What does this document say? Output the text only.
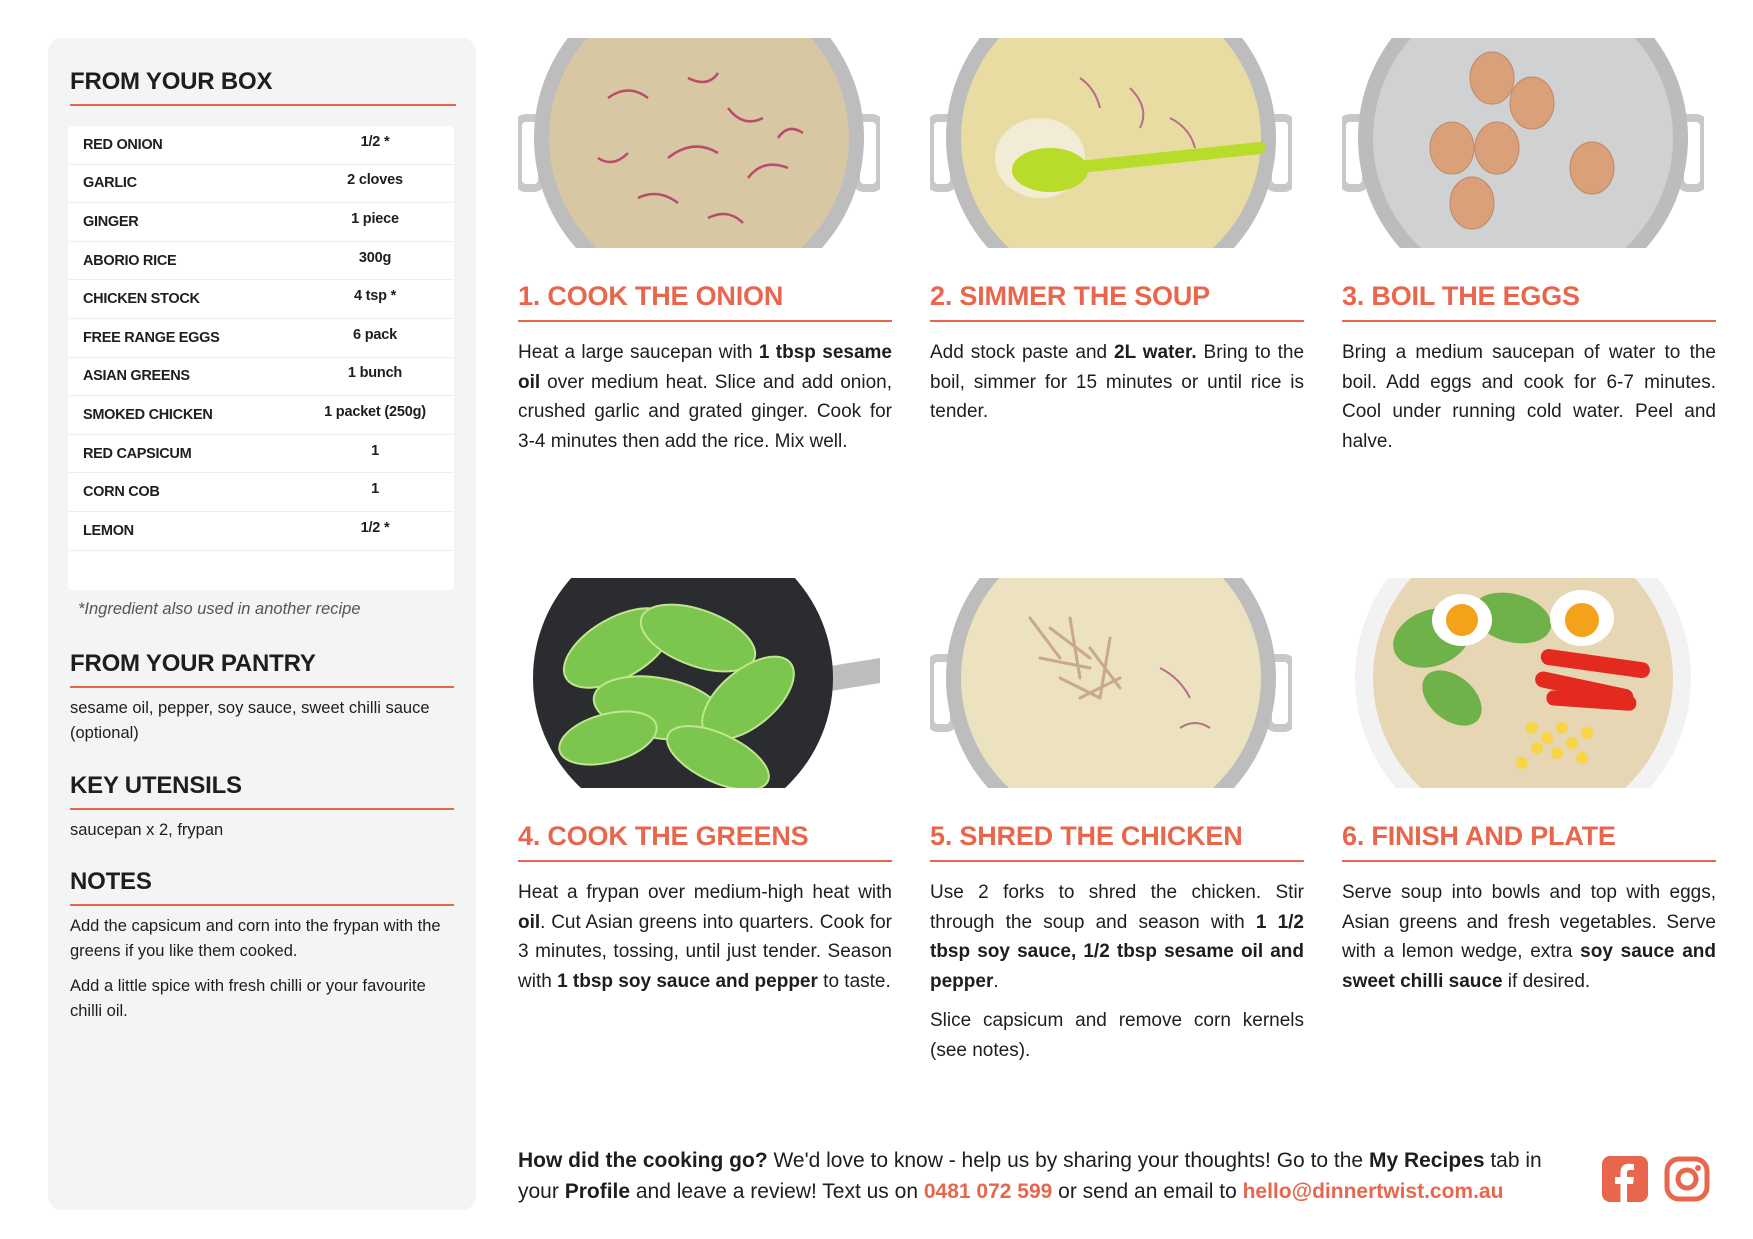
FROM YOUR BOX
RED ONION	1/2 *
GARLIC	2 cloves
GINGER	1 piece
ABORIO RICE	300g
CHICKEN STOCK	4 tsp *
FREE RANGE EGGS	6 pack
ASIAN GREENS	1 bunch
SMOKED CHICKEN	1 packet (250g)
RED CAPSICUM	1
CORN COB	1
LEMON	1/2 *
*Ingredient also used in another recipe
FROM YOUR PANTRY
sesame oil, pepper, soy sauce, sweet chilli sauce (optional)
KEY UTENSILS
saucepan x 2, frypan
NOTES

Add the capsicum and corn into the frypan with the greens if you like them cooked.

Add a little spice with fresh chilli or your favourite chilli oil.

1. COOK THE ONION

Heat a large saucepan with 1 tbsp sesame oil over medium heat. Slice and add onion, crushed garlic and grated ginger. Cook for 3-4 minutes then add the rice. Mix well.

2. SIMMER THE SOUP

Add stock paste and 2L water. Bring to the boil, simmer for 15 minutes or until rice is tender.

3. BOIL THE EGGS

Bring a medium saucepan of water to the boil. Add eggs and cook for 6-7 minutes. Cool under running cold water. Peel and halve.

4. COOK THE GREENS

Heat a frypan over medium-high heat with oil. Cut Asian greens into quarters. Cook for 3 minutes, tossing, until just tender. Season with 1 tbsp soy sauce and pepper to taste.

5. SHRED THE CHICKEN

Use 2 forks to shred the chicken. Stir through the soup and season with 1 1/2 tbsp soy sauce, 1/2 tbsp sesame oil and pepper.

Slice capsicum and remove corn kernels (see notes).

6. FINISH AND PLATE

Serve soup into bowls and top with eggs, Asian greens and fresh vegetables. Serve with a lemon wedge, extra soy sauce and sweet chilli sauce if desired.

How did the cooking go? We'd love to know - help us by sharing your thoughts! Go to the My Recipes tab in your Profile and leave a review! Text us on 0481 072 599 or send an email to hello@dinnertwist.com.au
